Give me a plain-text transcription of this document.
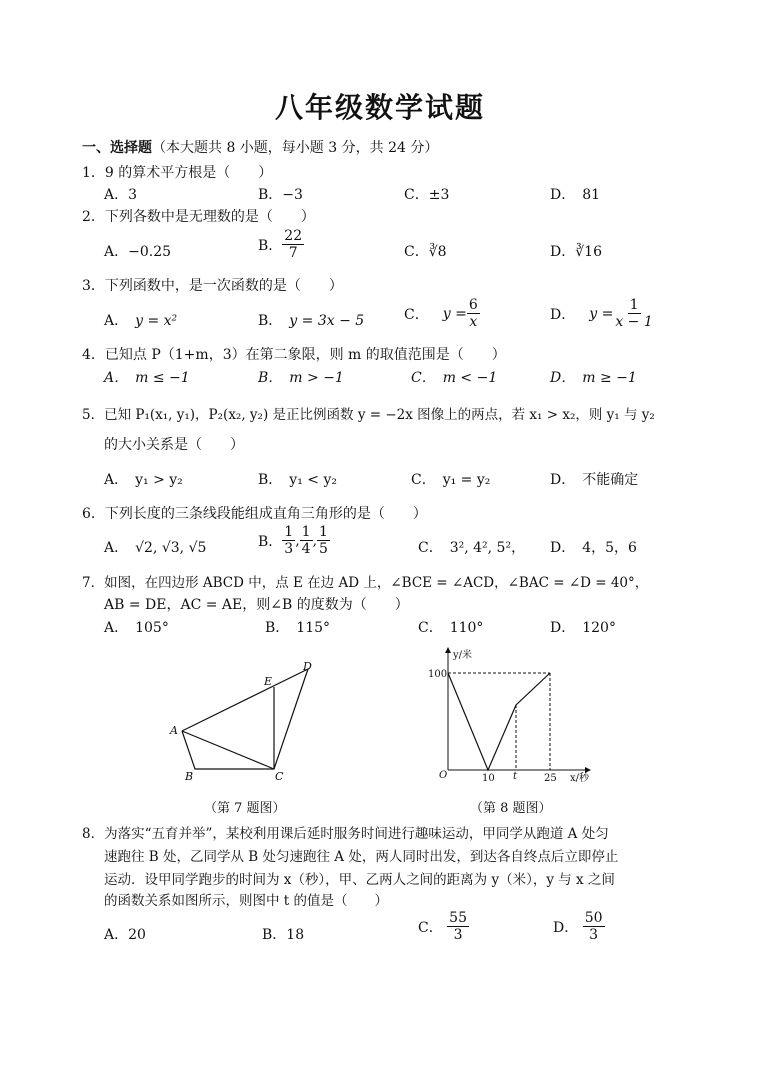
八年级数学试题
一、选择题（本大题共 8 小题，每小题 3 分，共 24 分）
1．9 的算术平方根是（　　）
A．3	B．−3	C．±3	D．　81
2．下列各数中是无理数的是（　　）
A．−0.25	B． $\frac{22}{7}$	C．∛8	D．∛16
3．下列函数中，是一次函数的是（　　）
A．　 y = x²	B．　 y = 3x − 5	C．
　 $y = \frac{6}{x}$	D．
　 $y = \frac{1}{x - 1}$
4．已知点 P（1+m，3）在第二象限，则 m 的取值范围是（　　）
A．　m ≤ −1	B．　m > −1	C．　m < −1	D．　m ≥ −1
5．已知 P₁(x₁, y₁)，P₂(x₂, y₂) 是正比例函数 y = −2x 图像上的两点，若 x₁ > x₂，则 y₁ 与 y₂
的大小关系是（　　）
A．　y₁ > y₂	B．　y₁ < y₂	C．　y₁ = y₂	D．　不能确定
6．下列长度的三条线段能组成直角三角形的是（　　）
A．　√2, √3, √5	B．
1
3
,
1
4
,
1
5	C．　3², 4², 5²， D．　4，5，6
7．如图，在四边形 ABCD 中，点 E 在边 AD 上，∠BCE = ∠ACD，∠BAC = ∠D = 40°，
AB = DE，AC = AE，则∠B 的度数为（　　）
A．　105°	B．　115°	C．　110°	D．　120°
A
B	C
D
E
（第 7 题图）
y/米
x/秒
O
100
10 t	25
（第 8 题图）
8．为落实“五育并举”，某校利用课后延时服务时间进行趣味运动，甲同学从跑道 A 处匀
速跑往 B 处，乙同学从 B 处匀速跑往 A 处，两人同时出发，到达各自终点后立即停止
运动．设甲同学跑步的时间为 x（秒），甲、乙两人之间的距离为 y（米），y 与 x 之间
的函数关系如图所示，则图中 t 的值是（　　）
A．20	B．18	C．
$\frac{55}{3}$	D．
$\frac{50}{3}$
